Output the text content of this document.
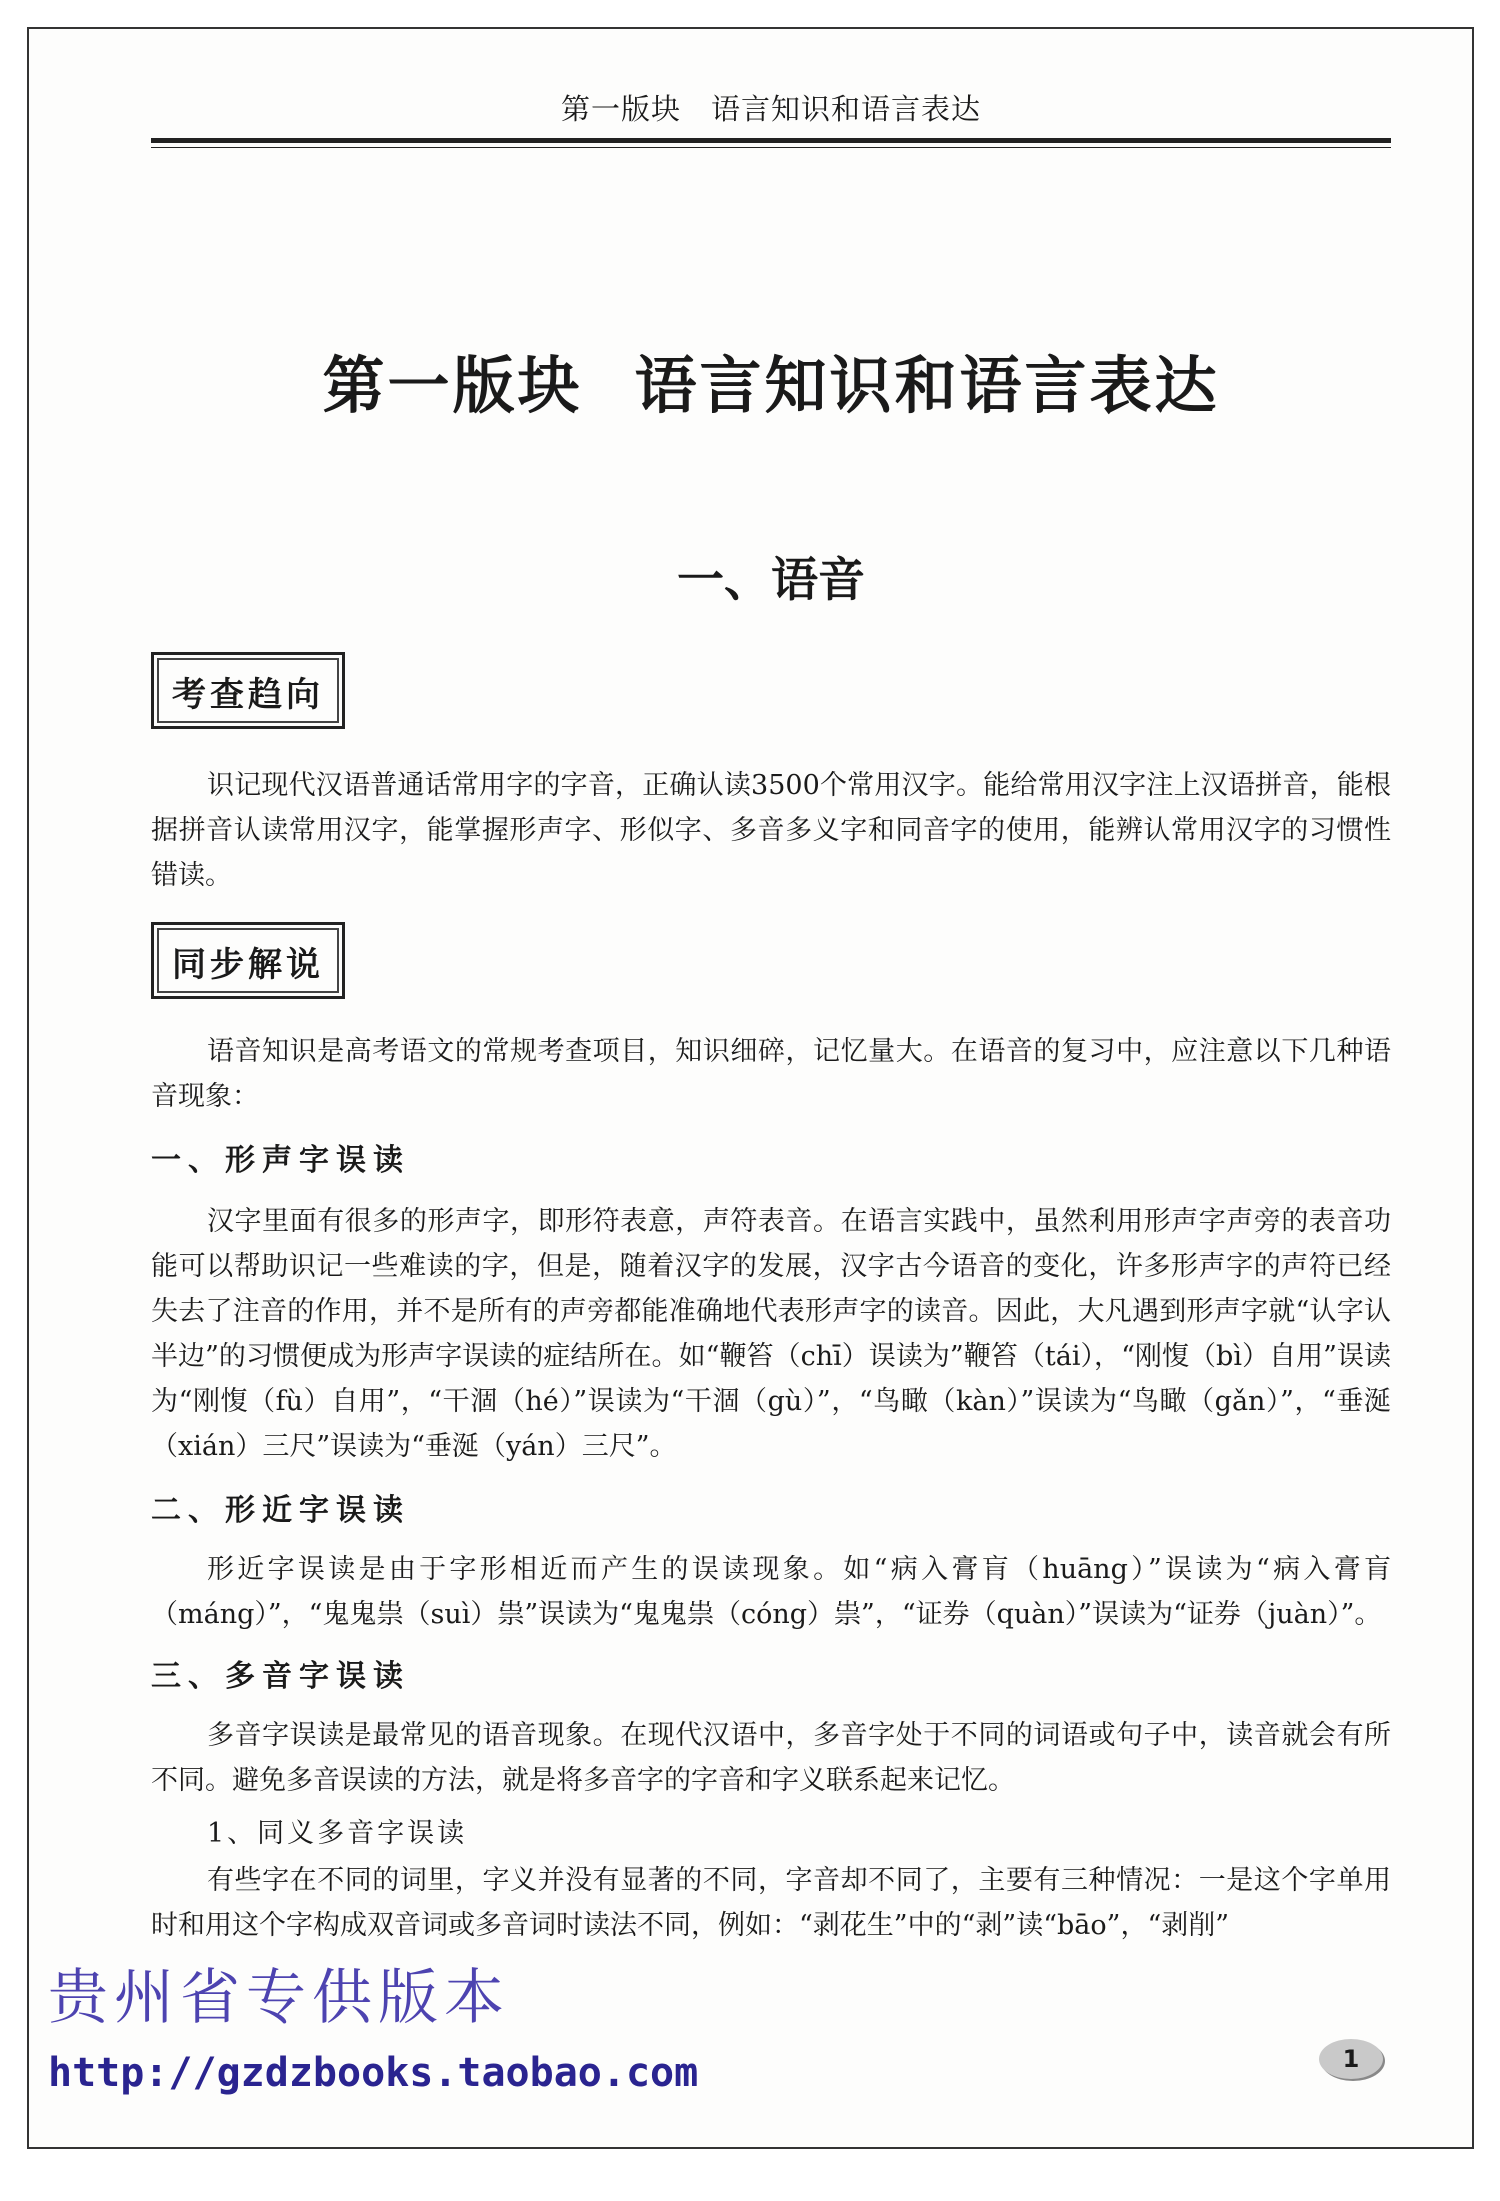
第一版块 语言知识和语言表达
第一版块 语言知识和语言表达
一、语音
考查趋向

识记现代汉语普通话常用字的字音，正确认读3500个常用汉字。能给常用汉字注上汉语拼音，能根据拼音认读常用汉字，能掌握形声字、形似字、多音多义字和同音字的使用，能辨认常用汉字的习惯性错读。

同步解说

语音知识是高考语文的常规考查项目，知识细碎，记忆量大。在语音的复习中，应注意以下几种语音现象：

一、形声字误读

汉字里面有很多的形声字，即形符表意，声符表音。在语言实践中，虽然利用形声字声旁的表音功能可以帮助识记一些难读的字，但是，随着汉字的发展，汉字古今语音的变化，许多形声字的声符已经失去了注音的作用，并不是所有的声旁都能准确地代表形声字的读音。因此，大凡遇到形声字就“认字认半边”的习惯便成为形声字误读的症结所在。如“鞭笞（chī）误读为”鞭笞（tái），“刚愎（bì）自用”误读为“刚愎（fù）自用”，“干涸（hé）”误读为“干涸（gù）”，“鸟瞰（kàn）”误读为“鸟瞰（gǎn）”，“垂涎（xián）三尺”误读为“垂涎（yán）三尺”。

二、形近字误读

形近字误读是由于字形相近而产生的误读现象。如“病入膏肓（huāng）”误读为“病入膏肓（máng）”，“鬼鬼祟（suì）祟”误读为“鬼鬼祟（cóng）祟”，“证券（quàn）”误读为“证券（juàn）”。

三、多音字误读

多音字误读是最常见的语音现象。在现代汉语中，多音字处于不同的词语或句子中，读音就会有所不同。避免多音误读的方法，就是将多音字的字音和字义联系起来记忆。

1、同义多音字误读

有些字在不同的词里，字义并没有显著的不同，字音却不同了，主要有三种情况：一是这个字单用时和用这个字构成双音词或多音词时读法不同，例如：“剥花生”中的“剥”读“bāo”，“剥削”

1
贵州省专供版本
http://gzdzbooks.taobao.com
